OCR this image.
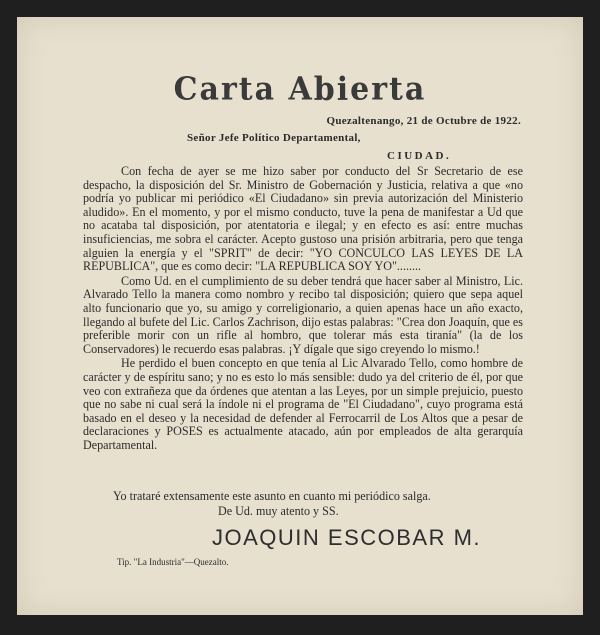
Carta Abierta
Quezaltenango, 21 de Octubre de 1922.
Señor Jefe Político Departamental,
CIUDAD.

Con fecha de ayer se me hizo saber por conducto del Sr Secretario de ese despacho, la disposición del Sr. Ministro de Gobernación y Justicia, relativa a que «no podría yo publicar mi periódico «El Ciudadano» sin previa autorización del Ministerio aludido». En el momento, y por el mismo conducto, tuve la pena de manifestar a Ud que no acataba tal disposición, por atentatoria e ilegal; y en efecto es así: entre muchas insuficiencias, me sobra el carácter. Acepto gustoso una prisión arbitraria, pero que tenga alguien la energía y el "SPRIT" de decir: "YO CONCULCO LAS LEYES DE LA REPUBLICA", que es como decir: "LA REPUBLICA SOY YO"........

Como Ud. en el cumplimiento de su deber tendrá que hacer saber al Ministro, Lic. Alvarado Tello la manera como nombro y recibo tal disposición; quiero que sepa aquel alto funcionario que yo, su amigo y correligionario, a quien apenas hace un año exacto, llegando al bufete del Lic. Carlos Zachrison, dijo estas palabras: "Crea don Joaquín, que es preferible morir con un rifle al hombro, que tolerar más esta tiranía" (la de los Conservadores) le recuerdo esas palabras. ¡Y dígale que sigo creyendo lo mismo.!

He perdido el buen concepto en que tenía al Lic Alvarado Tello, como hombre de carácter y de espíritu sano; y no es esto lo más sensible: dudo ya del criterio de él, por que veo con extrañeza que da órdenes que atentan a las Leyes, por un simple prejuicio, puesto que no sabe ni cual será la índole ni el programa de "El Ciudadano", cuyo programa está basado en el deseo y la necesidad de defender al Ferrocarril de Los Altos que a pesar de declaraciones y POSES es actualmente atacado, aún por empleados de alta gerarquía Departamental.

Yo trataré extensamente este asunto en cuanto mi periódico salga.
De Ud. muy atento y SS.
JOAQUIN ESCOBAR M.
Tip. "La Industria"—Quezalto.
